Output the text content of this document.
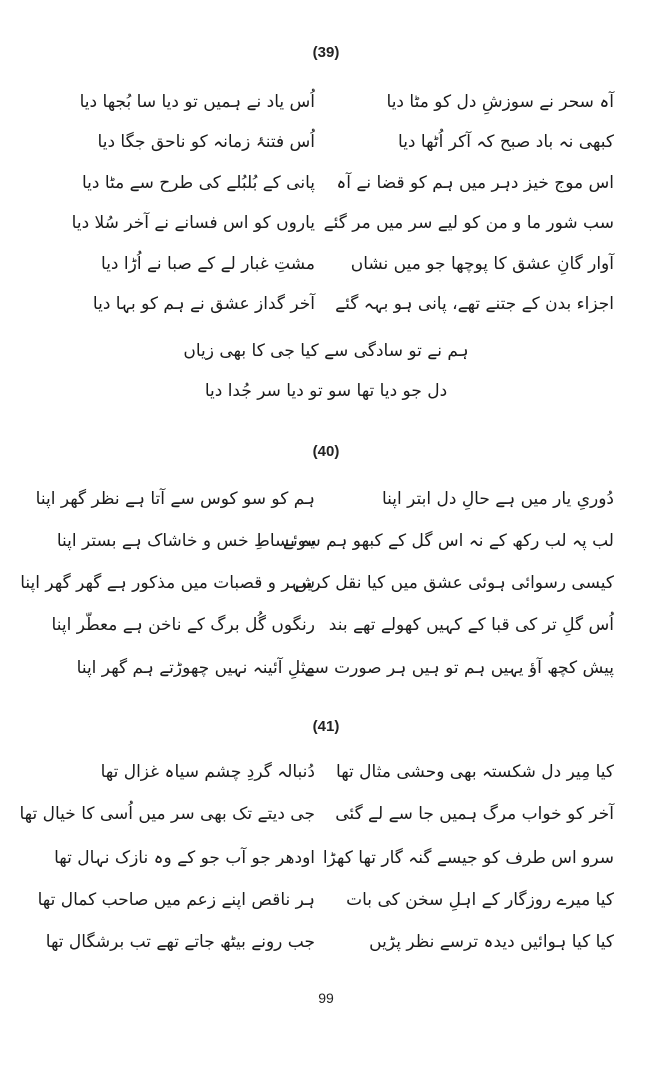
(39)
آہ سحر نے سوزشِ دل کو مٹا دیا
اُس یاد نے ہمیں تو دیا سا بُجھا دیا
کبھی نہ باد صبح کہ آکر اُٹھا دیا
اُس فتنۂ زمانہ کو ناحق جگا دیا
اس موج خیز دہر میں ہم کو قضا نے آہ
پانی کے بُلبُلے کی طرح سے مٹا دیا
سب شور ما و من کو لیے سر میں مر گئے
یاروں کو اس فسانے نے آخر سُلا دیا
آوار گانِ عشق کا پوچھا جو میں نشاں
مشتِ غبار لے کے صبا نے اُڑا دیا
اجزاء بدن کے جتنے تھے، پانی ہو بہہ گئے
آخر گداز عشق نے ہم کو بہا دیا
ہم نے تو سادگی سے کیا جی کا بھی زیاں
دل جو دیا تھا سو تو دیا سر جُدا دیا
(40)
دُوریِ یار میں ہے حالِ دل ابتر اپنا
ہم کو سو کوس سے آتا ہے نظر گھر اپنا
لب پہ لب رکھ کے نہ اس گل کے کبھو ہم سوئے
یہ بساطِ خس و خاشاک ہے بستر اپنا
کیسی رسوائی ہوئی عشق میں کیا نقل کریں
شہر و قصبات میں مذکور ہے گھر گھر اپنا
اُس گلِ تر کی قبا کے کہیں کھولے تھے بند
رنگوں گُل برگ کے ناخن ہے معطّر اپنا
پیش کچھ آؤ یہیں ہم تو ہیں ہر صورت سے
مثلِ آئینہ نہیں چھوڑتے ہم گھر اپنا
(41)
کیا مِیر دل شکستہ بھی وحشی مثال تھا
دُنبالہ گردِ چشم سیاہ غزال تھا
آخر کو خواب مرگ ہمیں جا سے لے گئی
جی دیتے تک بھی سر میں اُسی کا خیال تھا
سرو اس طرف کو جیسے گنہ گار تھا کھڑا
اودھر جو آب جو کے وہ نازک نہال تھا
کیا میرے روزگار کے اہلِ سخن کی بات
ہر ناقص اپنے زعم میں صاحب کمال تھا
کیا کیا ہوائیں دیدہ ترسے نظر پڑیں
جب رونے بیٹھ جاتے تھے تب برشگال تھا
99
